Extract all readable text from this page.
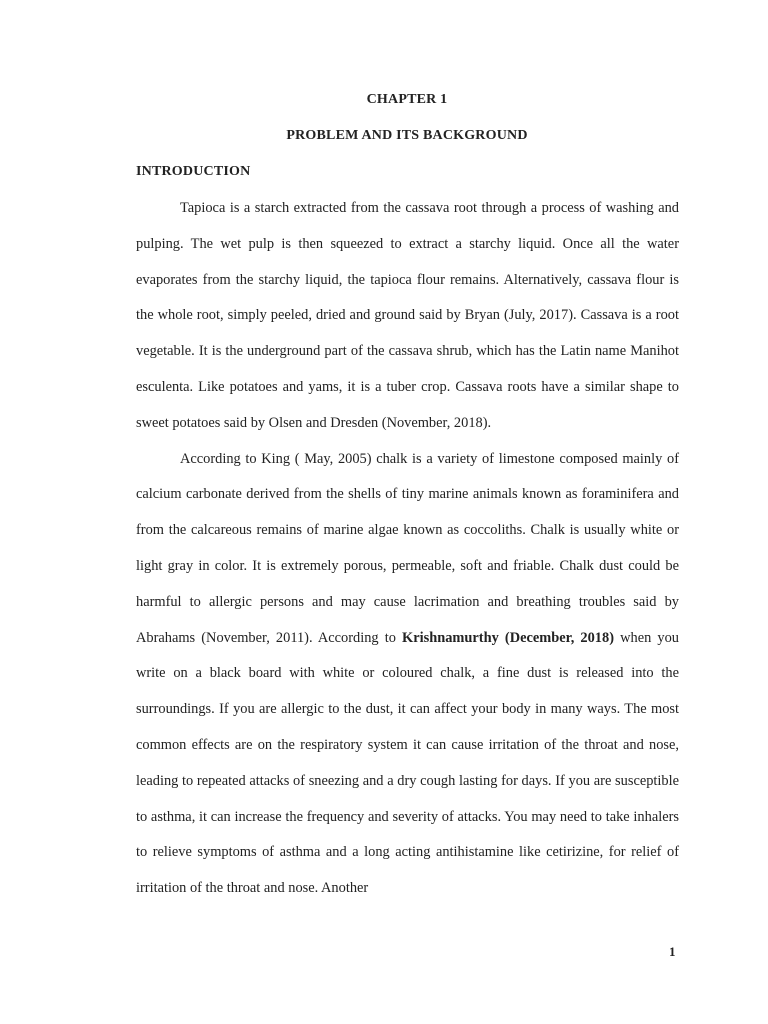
CHAPTER 1
PROBLEM AND ITS BACKGROUND
INTRODUCTION

Tapioca is a starch extracted from the cassava root through a process of washing and pulping. The wet pulp is then squeezed to extract a starchy liquid. Once all the water evaporates from the starchy liquid, the tapioca flour remains. Alternatively, cassava flour is the whole root, simply peeled, dried and ground said by Bryan (July, 2017). Cassava is a root vegetable. It is the underground part of the cassava shrub, which has the Latin name Manihot esculenta. Like potatoes and yams, it is a tuber crop. Cassava roots have a similar shape to sweet potatoes said by Olsen and Dresden (November, 2018).

According to King ( May, 2005) chalk is a variety of limestone composed mainly of calcium carbonate derived from the shells of tiny marine animals known as foraminifera and from the calcareous remains of marine algae known as coccoliths. Chalk is usually white or light gray in color. It is extremely porous, permeable, soft and friable. Chalk dust could be harmful to allergic persons and may cause lacrimation and breathing troubles said by Abrahams (November, 2011). According to Krishnamurthy (December, 2018) when you write on a black board with white or coloured chalk, a fine dust is released into the surroundings. If you are allergic to the dust, it can affect your body in many ways. The most common effects are on the respiratory system it can cause irritation of the throat and nose, leading to repeated attacks of sneezing and a dry cough lasting for days. If you are susceptible to asthma, it can increase the frequency and severity of attacks. You may need to take inhalers to relieve symptoms of asthma and a long acting antihistamine like cetirizine, for relief of irritation of the throat and nose. Another

1
